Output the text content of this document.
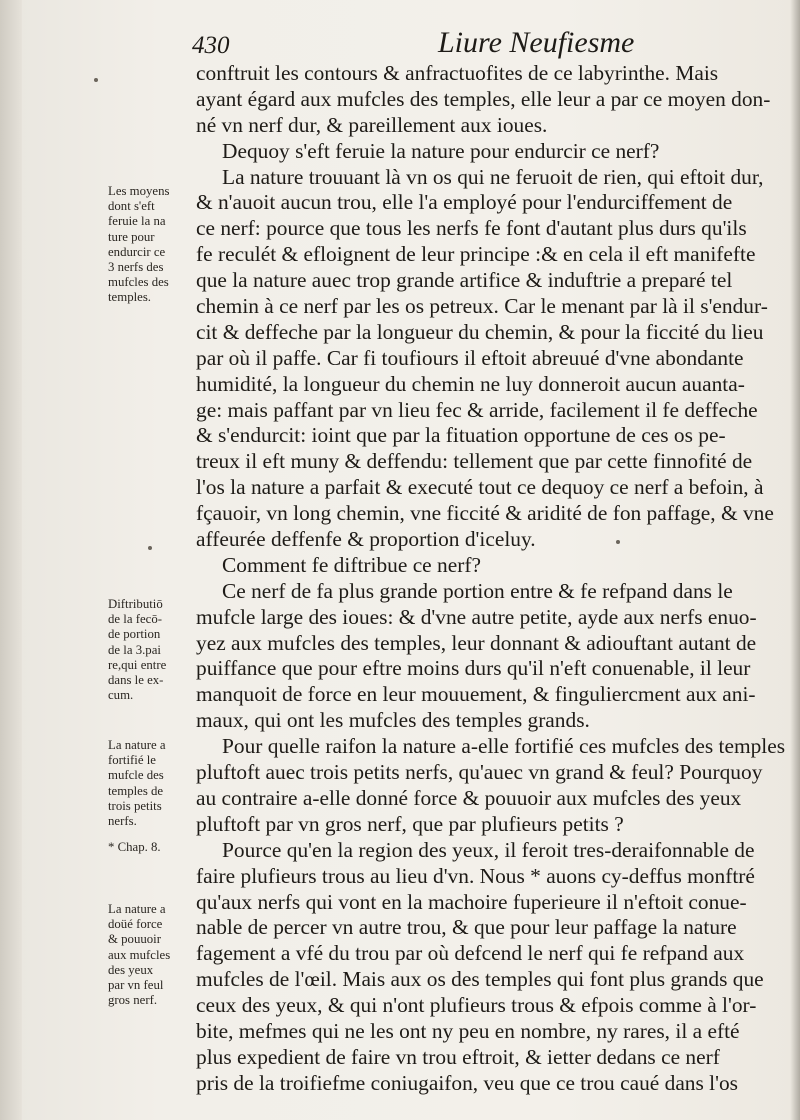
430	Liure Neufiesme
conftruit les contours & anfractuofites de ce labyrinthe. Mais
ayant égard aux mufcles des temples, elle leur a par ce moyen don-
né vn nerf dur, & pareillement aux ioues.
Dequoy s'eft feruie la nature pour endurcir ce nerf?
La nature trouuant là vn os qui ne feruoit de rien, qui eftoit dur,
& n'auoit aucun trou, elle l'a employé pour l'endurciffement de
ce nerf: pource que tous les nerfs fe font d'autant plus durs qu'ils
fe reculét & efloignent de leur principe :& en cela il eft manifefte
que la nature auec trop grande artifice & induftrie a preparé tel
chemin à ce nerf par les os petreux. Car le menant par là il s'endur-
cit & deffeche par la longueur du chemin, & pour la ficcité du lieu
par où il paffe. Car fi toufiours il eftoit abreuué d'vne abondante
humidité, la longueur du chemin ne luy donneroit aucun auanta-
ge: mais paffant par vn lieu fec & arride, facilement il fe deffeche
& s'endurcit: ioint que par la fituation opportune de ces os pe-
treux il eft muny & deffendu: tellement que par cette finnofité de
l'os la nature a parfait & executé tout ce dequoy ce nerf a befoin, à
fçauoir, vn long chemin, vne ficcité & aridité de fon paffage, & vne
affeurée deffenfe & proportion d'iceluy.
Comment fe diftribue ce nerf?
Ce nerf de fa plus grande portion entre & fe refpand dans le
mufcle large des ioues: & d'vne autre petite, ayde aux nerfs enuo-
yez aux mufcles des temples, leur donnant & adiouftant autant de
puiffance que pour eftre moins durs qu'il n'eft conuenable, il leur
manquoit de force en leur mouuement, & finguliercment aux ani-
maux, qui ont les mufcles des temples grands.
Pour quelle raifon la nature a-elle fortifié ces mufcles des temples
pluftoft auec trois petits nerfs, qu'auec vn grand & feul? Pourquoy
au contraire a-elle donné force & pouuoir aux mufcles des yeux
pluftoft par vn gros nerf, que par plufieurs petits ?
Pource qu'en la region des yeux, il feroit tres-deraifonnable de
faire plufieurs trous au lieu d'vn. Nous * auons cy-deffus monftré
qu'aux nerfs qui vont en la machoire fuperieure il n'eftoit conue-
nable de percer vn autre trou, & que pour leur paffage la nature
fagement a vfé du trou par où defcend le nerf qui fe refpand aux
mufcles de l'œil. Mais aux os des temples qui font plus grands que
ceux des yeux, & qui n'ont plufieurs trous & efpois comme à l'or-
bite, mefmes qui ne les ont ny peu en nombre, ny rares, il a efté
plus expedient de faire vn trou eftroit, & ietter dedans ce nerf
pris de la troifiefme coniugaifon, veu que ce trou caué dans l'os
Les moyens
dont s'eft
feruie la na
ture pour
endurcir ce
3 nerfs des
mufcles des
temples.
Diftributiō
de la fecō-
de portion
de la 3.pai
re,qui entre
dans le ex-
cum.
La nature a
fortifié le
mufcle des
temples de
trois petits
nerfs.
* Chap. 8.
La nature a
doüé force
& pouuoir
aux mufcles
des yeux
par vn feul
gros nerf.
